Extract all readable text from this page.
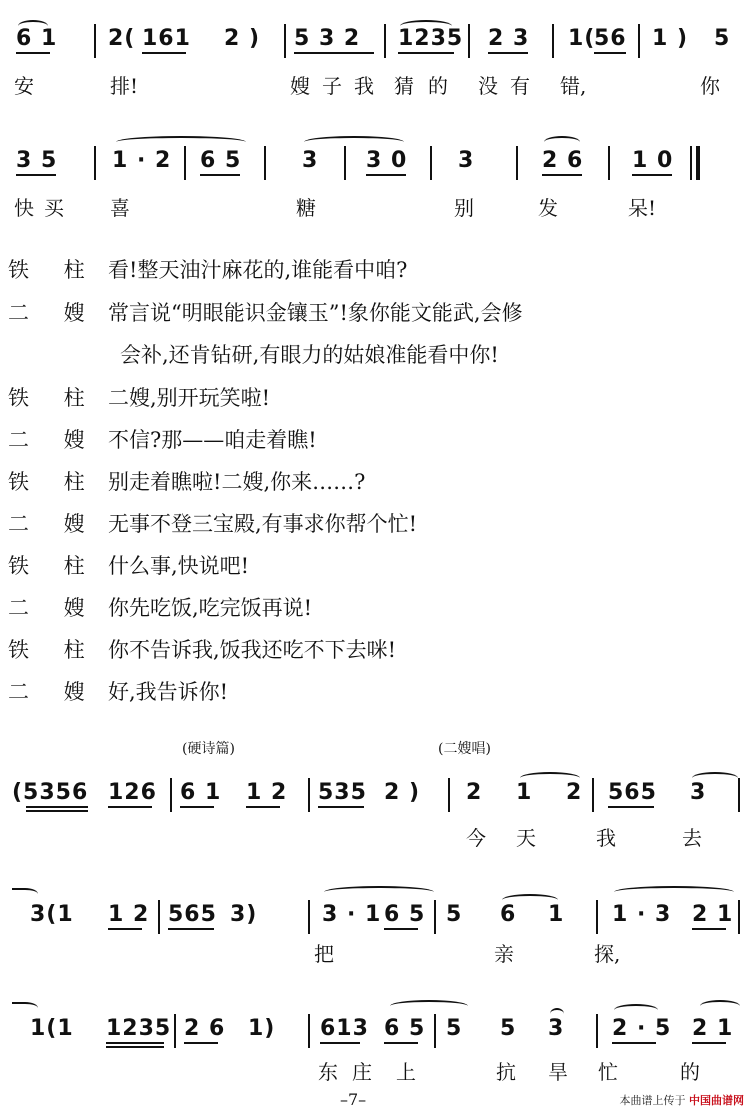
6 1 2( 161 2 ) 5 3 2 1235 2 3 1(
56 1 ) 5
安	排!	嫂 子 我 猜 的 没 有 错,	你
3 5 1 · 2 6 5	3 3 0 3	2 6 1 0
快 买 喜	糖	别	发	呆!
铁 柱 看!整天油汁麻花的,谁能看中咱?
二 嫂 常言说“明眼能识金镶玉”!象你能文能武,会修
会补,还肯钻研,有眼力的姑娘准能看中你!
铁 柱 二嫂,别开玩笑啦!
二 嫂 不信?那——咱走着瞧!
铁 柱 别走着瞧啦!二嫂,你来……?
二 嫂 无事不登三宝殿,有事求你帮个忙!
铁 柱 什么事,快说吧!
二 嫂 你先吃饭,吃完饭再说!
铁 柱 你不告诉我,饭我还吃不下去咪!
二 嫂 好,我告诉你!
(硬诗篇)	(二嫂唱)
(5356 126 6 1 1 2 535 2 ) 2 1 2 565 3
今 天	我	去
3(1 1 2 565 3)	3 · 1 6 5 5 6 1 1 · 3 2 1
把	亲	探,
1(1 1235 2 6 1) 613 6 5 5 5 3 2 · 5 2 1
东 庄 上	抗 旱 忙	的
–7–	本曲谱上传于 中国曲谱网
